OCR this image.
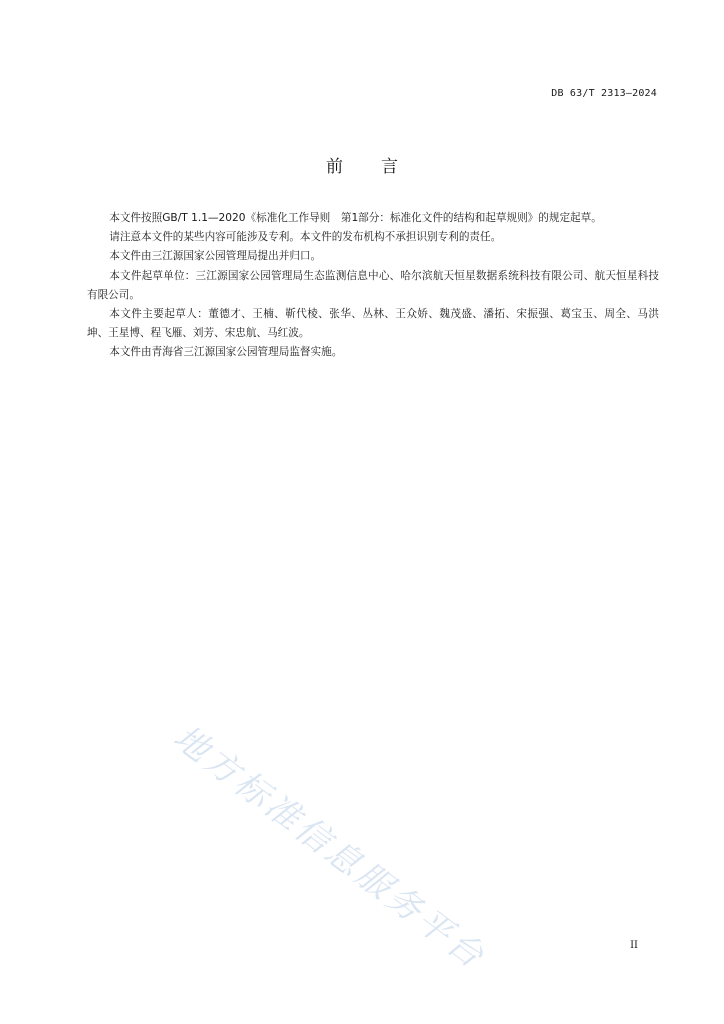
DB 63/T 2313—2024
前言

本文件按照GB/T 1.1—2020《标准化工作导则　第1部分：标准化文件的结构和起草规则》的规定起草。

请注意本文件的某些内容可能涉及专利。本文件的发布机构不承担识别专利的责任。

本文件由三江源国家公园管理局提出并归口。

本文件起草单位：三江源国家公园管理局生态监测信息中心、哈尔滨航天恒星数据系统科技有限公司、航天恒星科技有限公司。

本文件主要起草人：董德才、王楠、靳代棱、张华、丛林、王众娇、魏茂盛、潘拓、宋振强、葛宝玉、周全、马洪坤、王星博、程飞雁、刘芳、宋忠航、马红波。

本文件由青海省三江源国家公园管理局监督实施。

地方标准信息服务平台	II
